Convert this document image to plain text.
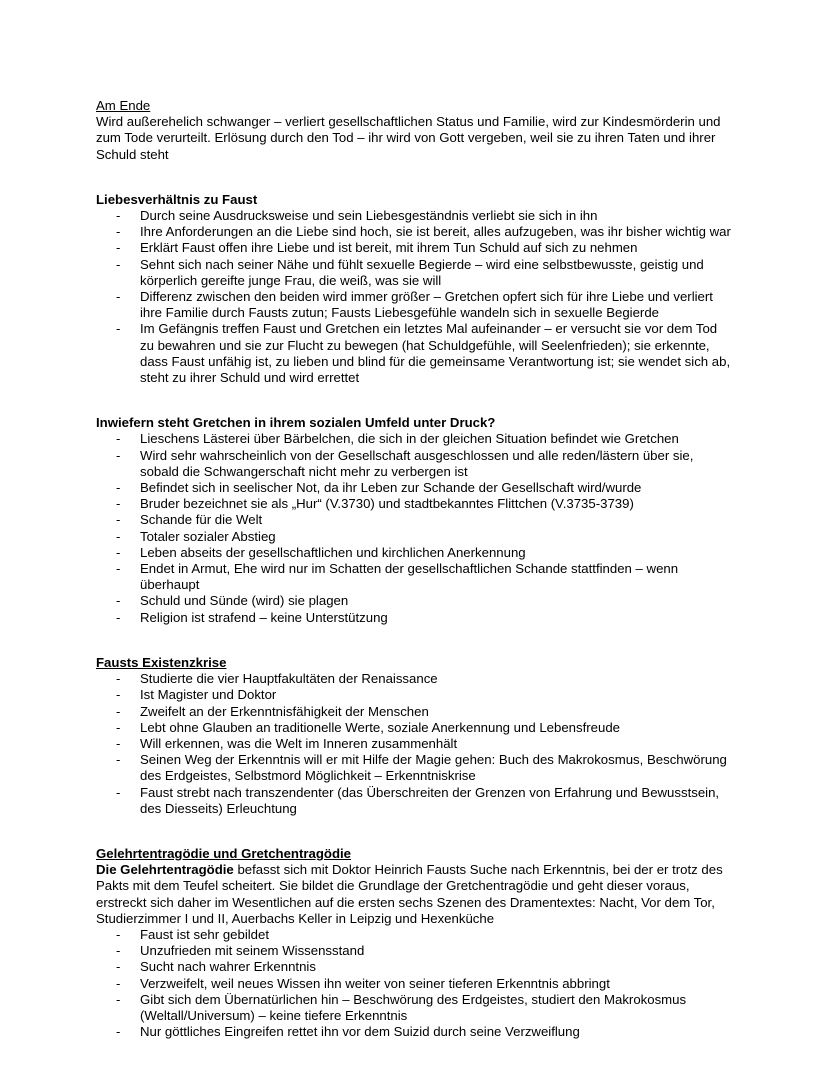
Am Ende

Wird außerehelich schwanger – verliert gesellschaftlichen Status und Familie, wird zur Kindesmörderin und zum Tode verurteilt. Erlösung durch den Tod – ihr wird von Gott vergeben, weil sie zu ihren Taten und ihrer Schuld steht

Liebesverhältnis zu Faust
- Durch seine Ausdrucksweise und sein Liebesgeständnis verliebt sie sich in ihn
- Ihre Anforderungen an die Liebe sind hoch, sie ist bereit, alles aufzugeben, was ihr bisher wichtig war
- Erklärt Faust offen ihre Liebe und ist bereit, mit ihrem Tun Schuld auf sich zu nehmen
- Sehnt sich nach seiner Nähe und fühlt sexuelle Begierde – wird eine selbstbewusste, geistig und körperlich gereifte junge Frau, die weiß, was sie will
- Differenz zwischen den beiden wird immer größer – Gretchen opfert sich für ihre Liebe und verliert ihre Familie durch Fausts zutun; Fausts Liebesgefühle wandeln sich in sexuelle Begierde
- Im Gefängnis treffen Faust und Gretchen ein letztes Mal aufeinander – er versucht sie vor dem Tod zu bewahren und sie zur Flucht zu bewegen (hat Schuldgefühle, will Seelenfrieden); sie erkennte, dass Faust unfähig ist, zu lieben und blind für die gemeinsame Verantwortung ist; sie wendet sich ab, steht zu ihrer Schuld und wird errettet
Inwiefern steht Gretchen in ihrem sozialen Umfeld unter Druck?
- Lieschens Lästerei über Bärbelchen, die sich in der gleichen Situation befindet wie Gretchen
- Wird sehr wahrscheinlich von der Gesellschaft ausgeschlossen und alle reden/lästern über sie, sobald die Schwangerschaft nicht mehr zu verbergen ist
- Befindet sich in seelischer Not, da ihr Leben zur Schande der Gesellschaft wird/wurde
- Bruder bezeichnet sie als „Hur“ (V.3730) und stadtbekanntes Flittchen (V.3735-3739)
- Schande für die Welt
- Totaler sozialer Abstieg
- Leben abseits der gesellschaftlichen und kirchlichen Anerkennung
- Endet in Armut, Ehe wird nur im Schatten der gesellschaftlichen Schande stattfinden – wenn überhaupt
- Schuld und Sünde (wird) sie plagen
- Religion ist strafend – keine Unterstützung
Fausts Existenzkrise
- Studierte die vier Hauptfakultäten der Renaissance
- Ist Magister und Doktor
- Zweifelt an der Erkenntnisfähigkeit der Menschen
- Lebt ohne Glauben an traditionelle Werte, soziale Anerkennung und Lebensfreude
- Will erkennen, was die Welt im Inneren zusammenhält
- Seinen Weg der Erkenntnis will er mit Hilfe der Magie gehen: Buch des Makrokosmus, Beschwörung des Erdgeistes, Selbstmord Möglichkeit – Erkenntniskrise
- Faust strebt nach transzendenter (das Überschreiten der Grenzen von Erfahrung und Bewusstsein, des Diesseits) Erleuchtung
Gelehrtentragödie und Gretchentragödie

Die Gelehrtentragödie befasst sich mit Doktor Heinrich Fausts Suche nach Erkenntnis, bei der er trotz des Pakts mit dem Teufel scheitert. Sie bildet die Grundlage der Gretchentragödie und geht dieser voraus, erstreckt sich daher im Wesentlichen auf die ersten sechs Szenen des Dramentextes: Nacht, Vor dem Tor, Studierzimmer I und II, Auerbachs Keller in Leipzig und Hexenküche

- Faust ist sehr gebildet
- Unzufrieden mit seinem Wissensstand
- Sucht nach wahrer Erkenntnis
- Verzweifelt, weil neues Wissen ihn weiter von seiner tieferen Erkenntnis abbringt
- Gibt sich dem Übernatürlichen hin – Beschwörung des Erdgeistes, studiert den Makrokosmus (Weltall/Universum) – keine tiefere Erkenntnis
- Nur göttliches Eingreifen rettet ihn vor dem Suizid durch seine Verzweiflung
